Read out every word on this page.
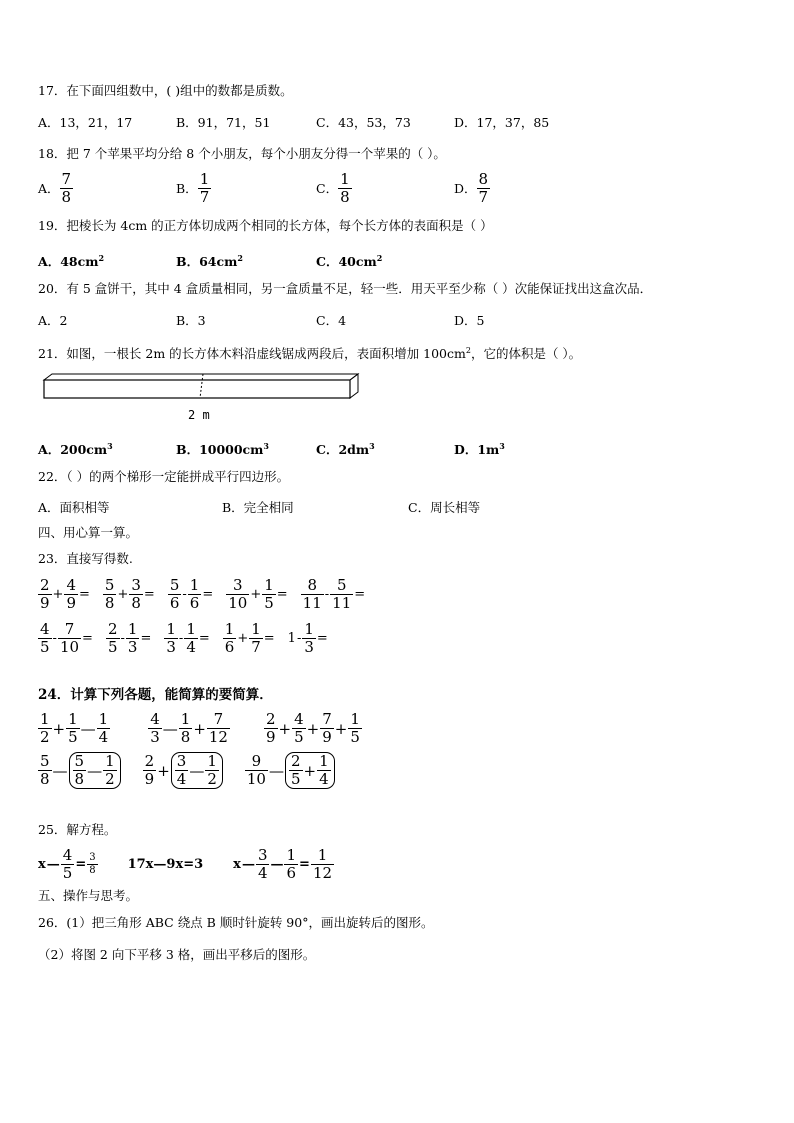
17．在下面四组数中，( )组中的数都是质数。
A．13，21，17	B．91，71，51	C．43，53，73	D．17，37，85
18．把 7 个苹果平均分给 8 个小朋友，每个小朋友分得一个苹果的（ ）。
A． 7
8	B． 1
7	C． 1
8	D． 8
7
19．把棱长为 4cm 的正方体切成两个相同的长方体，每个长方体的表面积是（ ）
A．$48cm^2$	B．$64cm^2$	C．$40cm^2$
20．有 5 盒饼干，其中 4 盒质量相同，另一盒质量不足，轻一些．用天平至少称（ ）次能保证找出这盒次品．
A．2	B．3	C．4	D．5
21．如图，一根长 2m 的长方体木料沿虚线锯成两段后，表面积增加 $100cm^2$，它的体积是（ ）。
2 m
A．$200cm^3$	B．$10000cm^3$	C．$2dm^3$	D．$1m^3$
22．（ ）的两个梯形一定能拼成平行四边形。
A．面积相等	B．完全相同	C．周长相等
四、用心算一算。
23．直接写得数.
2
$9 + \frac{4}{9}$ =
5
$8 + \frac{3}{8}$ =
5
$6 - \frac{1}{6}$ =
3
$10 + \frac{1}{5}$ =
8
$11 - \frac{5}{11}$ =
4
$5 - \frac{7}{10}$ =
2
$5 - \frac{1}{3}$ =
1
$3 - \frac{1}{4}$ =
1
$6 + \frac{1}{7} = 1 - \frac{1}{3}$ =
24．计算下列各题，能简算的要简算．
1
$2 + \frac{1}{5}$ —
1
4
4
3 —
1
$8 + \frac{7}{12} 2$
$9 + \frac{4}{5} + \frac{7}{9} + \frac{1}{5}$
5
8 —
5
8 —
1
2
2
9 +
3
4 —
1
2
9
10 —
2
$5 + \frac{1}{4}$
25．解方程。
x — $\frac{4}{5} = \frac{3}{8}$ 17x—9x=3 x —
3
4 — $\frac{1}{6} = \frac{1}{12}$
五、操作与思考。
26．(1）把三角形 ABC 绕点 B 顺时针旋转 90°，画出旋转后的图形。
（2）将图 2 向下平移 3 格，画出平移后的图形。
